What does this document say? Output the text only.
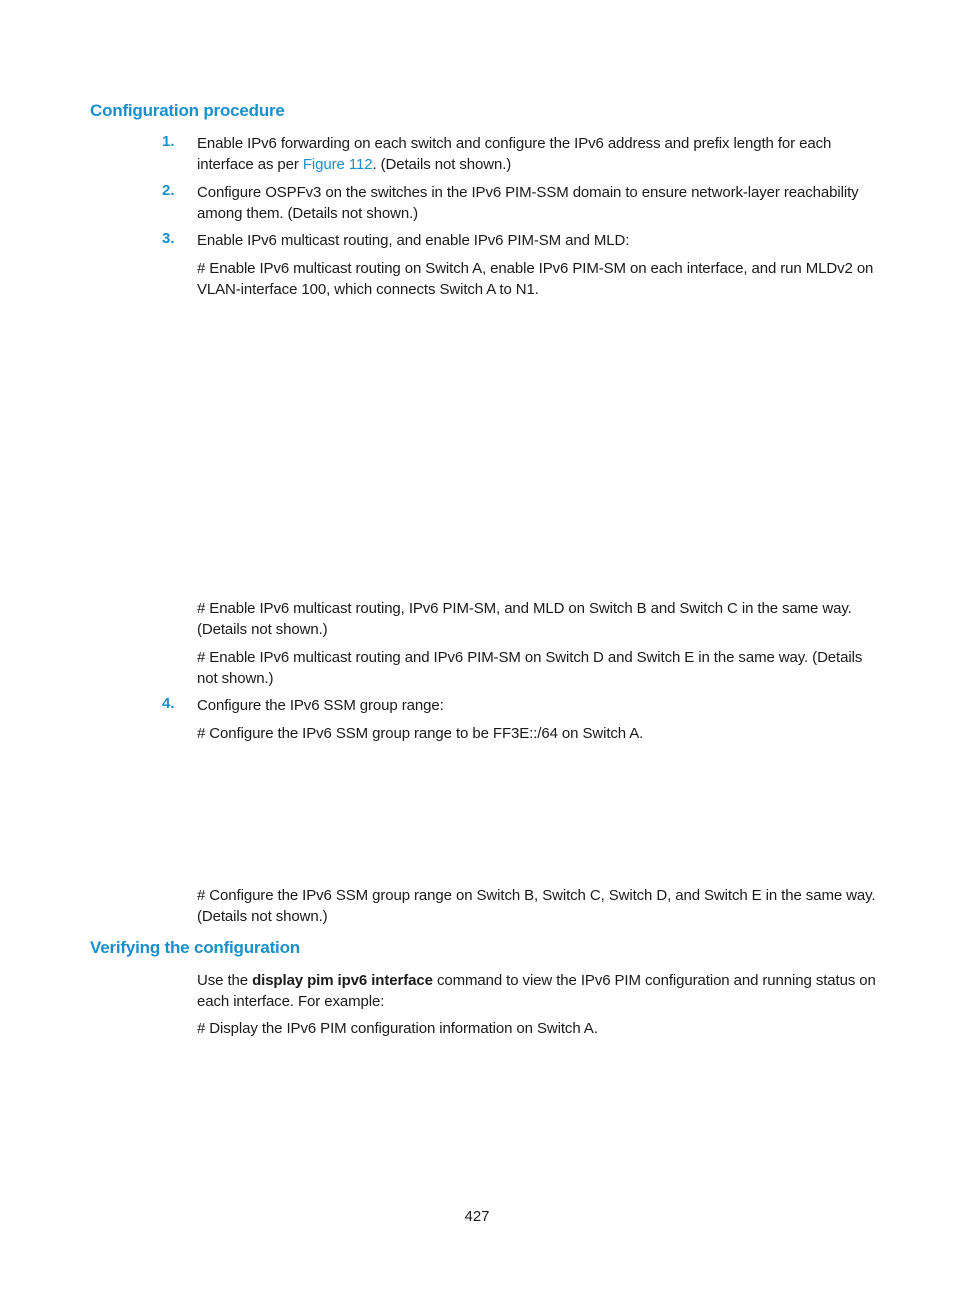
Configuration procedure
1. Enable IPv6 forwarding on each switch and configure the IPv6 address and prefix length for each interface as per Figure 112. (Details not shown.)

2. Configure OSPFv3 on the switches in the IPv6 PIM-SSM domain to ensure network-layer reachability among them. (Details not shown.)

3. Enable IPv6 multicast routing, and enable IPv6 PIM-SM and MLD:

# Enable IPv6 multicast routing on Switch A, enable IPv6 PIM-SM on each interface, and run MLDv2 on VLAN-interface 100, which connects Switch A to N1.

# Enable IPv6 multicast routing, IPv6 PIM-SM, and MLD on Switch B and Switch C in the same way. (Details not shown.)

# Enable IPv6 multicast routing and IPv6 PIM-SM on Switch D and Switch E in the same way. (Details not shown.)

4. Configure the IPv6 SSM group range:

# Configure the IPv6 SSM group range to be FF3E::/64 on Switch A.

# Configure the IPv6 SSM group range on Switch B, Switch C, Switch D, and Switch E in the same way. (Details not shown.)

Verifying the configuration

Use the display pim ipv6 interface command to view the IPv6 PIM configuration and running status on each interface. For example:

# Display the IPv6 PIM configuration information on Switch A.

427
